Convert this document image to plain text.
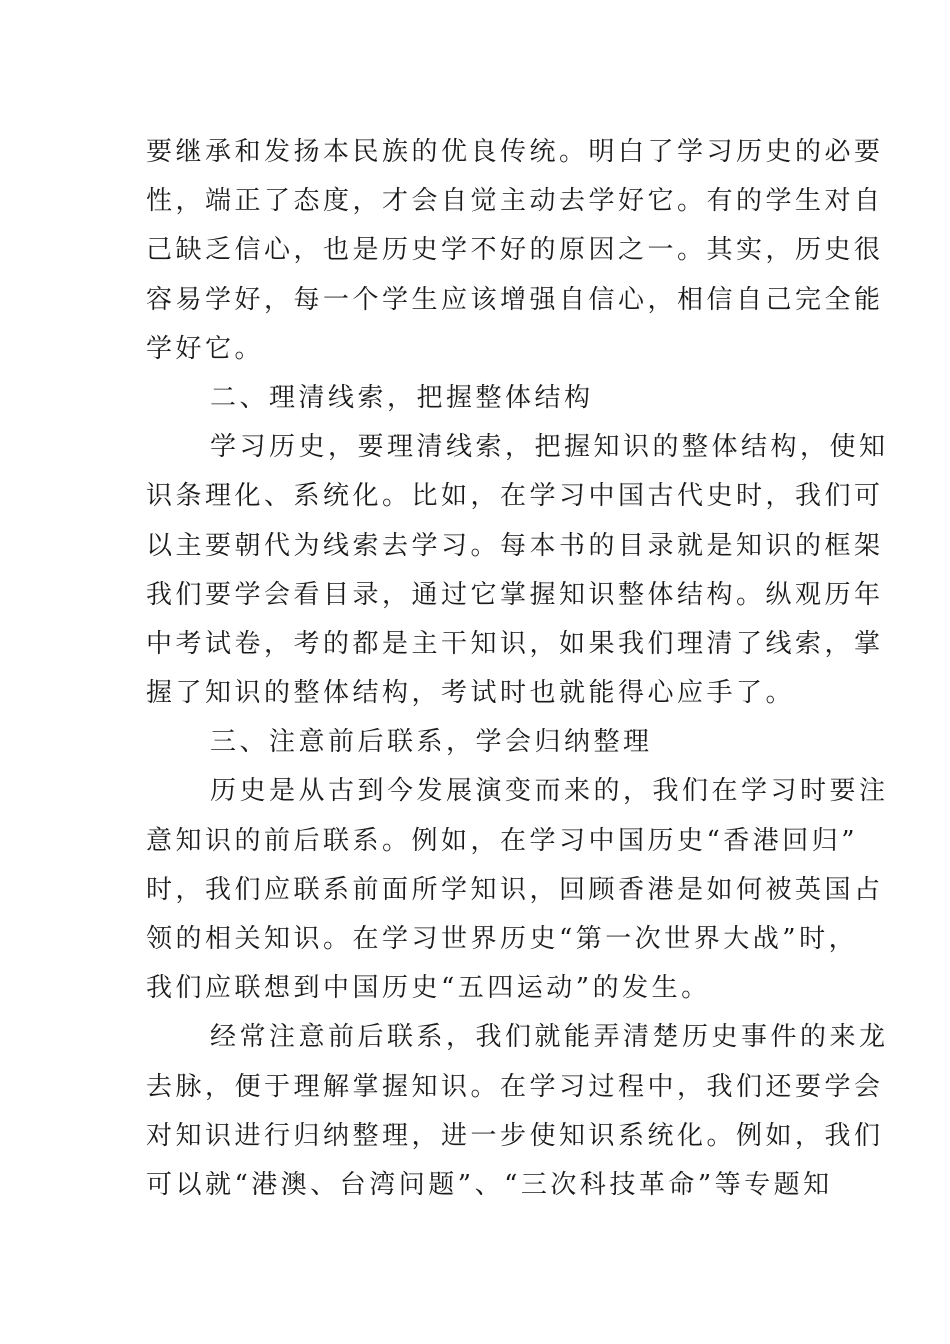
要继承和发扬本民族的优良传统。明白了学习历史的必要
性，端正了态度，才会自觉主动去学好它。有的学生对自
己缺乏信心，也是历史学不好的原因之一。其实，历史很
容易学好，每一个学生应该增强自信心，相信自己完全能
学好它。
二、理清线索，把握整体结构
学习历史，要理清线索，把握知识的整体结构，使知
识条理化、系统化。比如，在学习中国古代史时，我们可
以主要朝代为线索去学习。每本书的目录就是知识的框架
我们要学会看目录，通过它掌握知识整体结构。纵观历年
中考试卷，考的都是主干知识，如果我们理清了线索，掌
握了知识的整体结构，考试时也就能得心应手了。
三、注意前后联系，学会归纳整理
历史是从古到今发展演变而来的，我们在学习时要注
意知识的前后联系。例如，在学习中国历史“香港回归”
时，我们应联系前面所学知识，回顾香港是如何被英国占
领的相关知识。在学习世界历史“第一次世界大战”时，
我们应联想到中国历史“五四运动”的发生。
经常注意前后联系，我们就能弄清楚历史事件的来龙
去脉，便于理解掌握知识。在学习过程中，我们还要学会
对知识进行归纳整理，进一步使知识系统化。例如，我们
可以就“港澳、台湾问题”、“三次科技革命”等专题知
